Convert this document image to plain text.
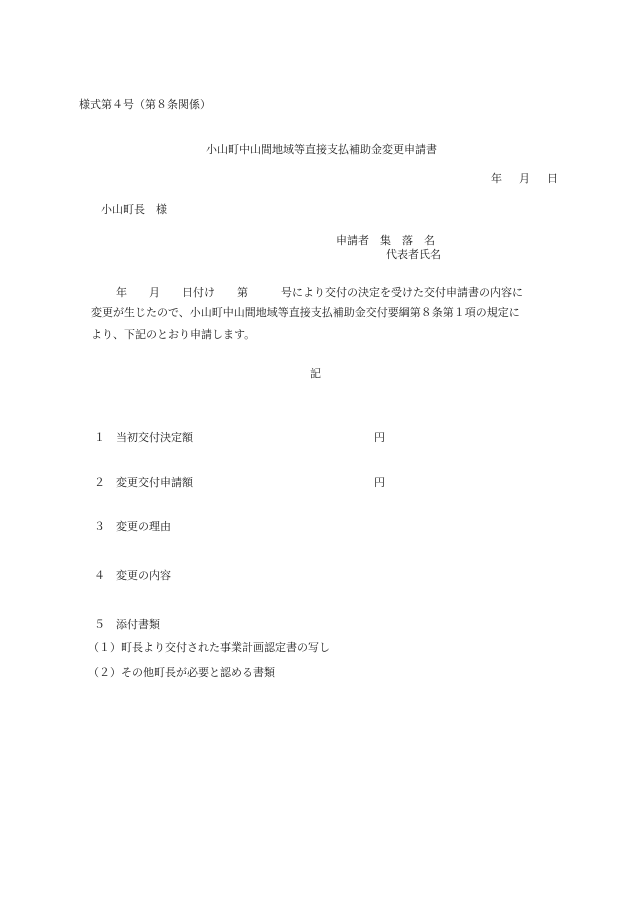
様式第４号（第８条関係）
小山町中山間地域等直接支払補助金変更申請書
年 月 日
小山町長　様
申請者　集　落　名
代表者氏名
年　　月　　日付け　　第　　　号により交付の決定を受けた交付申請書の内容に
変更が生じたので、小山町中山間地域等直接支払補助金交付要綱第８条第１項の規定に
より、下記のとおり申請します。
記
１　当初交付決定額	円
２　変更交付申請額	円
３　変更の理由
４　変更の内容
５　添付書類
（１）町長より交付された事業計画認定書の写し
（２）その他町長が必要と認める書類
